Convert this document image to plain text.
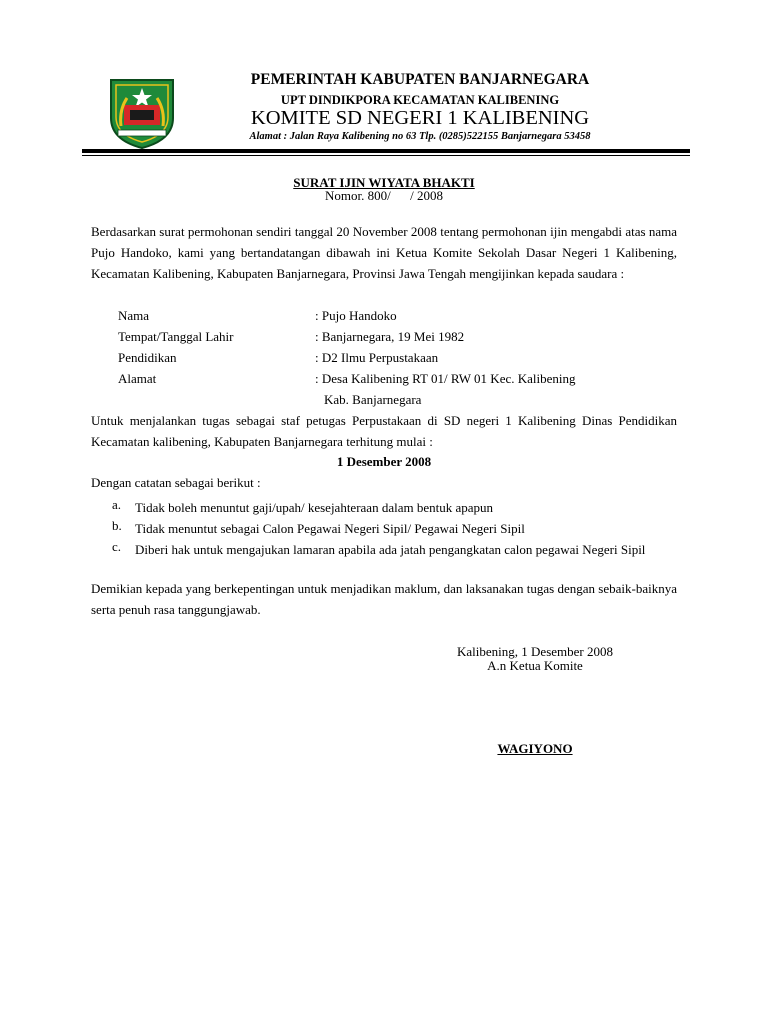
PEMERINTAH KABUPATEN BANJARNEGARA
UPT DINDIKPORA KECAMATAN KALIBENING
KOMITE SD NEGERI 1 KALIBENING
Alamat : Jalan Raya Kalibening no 63 Tlp. (0285)522155 Banjarnegara 53458
SURAT IJIN WIYATA BHAKTI
Nomor. 800/      / 2008
Berdasarkan surat permohonan sendiri tanggal 20 November 2008 tentang permohonan ijin mengabdi atas nama Pujo Handoko, kami yang bertandatangan dibawah ini Ketua Komite Sekolah Dasar Negeri 1 Kalibening, Kecamatan Kalibening, Kabupaten Banjarnegara, Provinsi Jawa Tengah mengijinkan kepada saudara :
Nama	: Pujo Handoko
Tempat/Tanggal Lahir	: Banjarnegara, 19 Mei 1982
Pendidikan	: D2 Ilmu Perpustakaan
Alamat	: Desa Kalibening RT 01/ RW 01 Kec. Kalibening
Kab. Banjarnegara
Untuk menjalankan tugas sebagai staf petugas Perpustakaan di SD negeri 1 Kalibening Dinas Pendidikan Kecamatan kalibening, Kabupaten Banjarnegara terhitung mulai :
1 Desember 2008
Dengan catatan sebagai berikut :
a. Tidak boleh menuntut gaji/upah/ kesejahteraan dalam bentuk apapun
b. Tidak menuntut sebagai Calon Pegawai Negeri Sipil/ Pegawai Negeri Sipil
c. Diberi hak untuk mengajukan lamaran apabila ada jatah pengangkatan calon pegawai Negeri Sipil
Demikian kepada yang berkepentingan untuk menjadikan maklum, dan laksanakan tugas dengan sebaik-baiknya serta penuh rasa tanggungjawab.
Kalibening, 1 Desember 2008
A.n Ketua Komite
WAGIYONO
